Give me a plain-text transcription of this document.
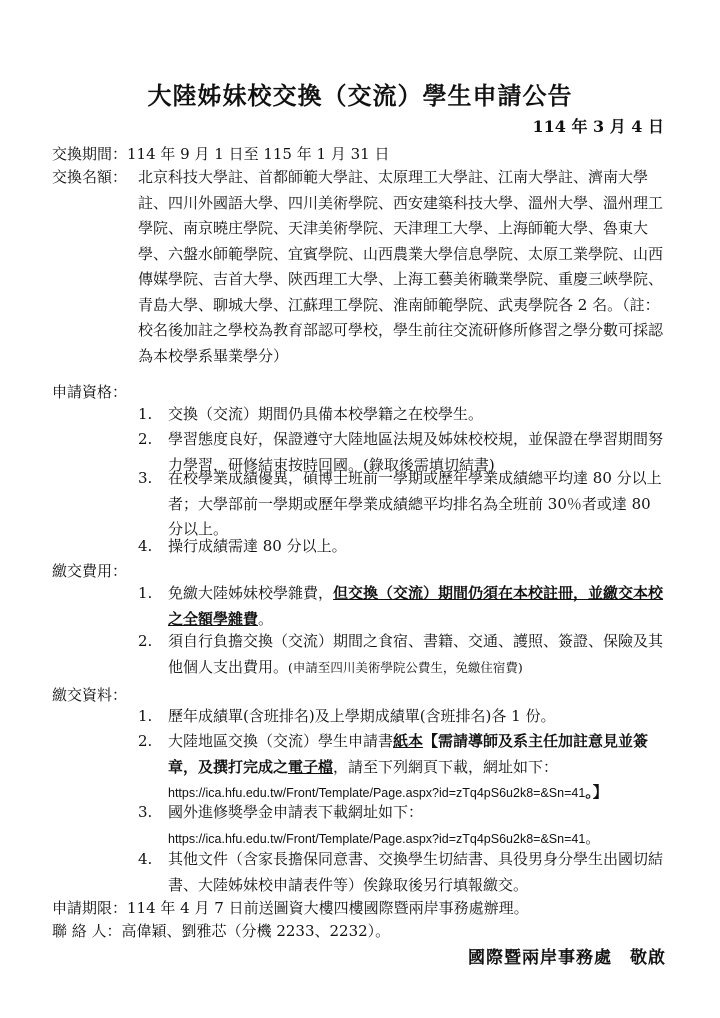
大陸姊妹校交換（交流）學生申請公告
114 年 3 月 4 日
交換期間：114 年 9 月 1 日至 115 年 1 月 31 日
交換名額： 北京科技大學註、首都師範大學註、太原理工大學註、江南大學註、濟南大學註、四川外國語大學、四川美術學院、西安建築科技大學、溫州大學、溫州理工學院、南京曉庄學院、天津美術學院、天津理工大學、上海師範大學、魯東大學、六盤水師範學院、宜賓學院、山西農業大學信息學院、太原工業學院、山西傳媒學院、吉首大學、陝西理工大學、上海工藝美術職業學院、重慶三峽學院、青島大學、聊城大學、江蘇理工學院、淮南師範學院、武夷學院各 2 名。（註：校名後加註之學校為教育部認可學校，學生前往交流研修所修習之學分數可採認為本校學系畢業學分）
申請資格：
1.	交換（交流）期間仍具備本校學籍之在校學生。
2.	學習態度良好，保證遵守大陸地區法規及姊妹校校規，並保證在學習期間努力學習，研修結束按時回國。(錄取後需填切結書)
3.	在校學業成績優異，碩博士班前一學期或歷年學業成績總平均達 80 分以上者；大學部前一學期或歷年學業成績總平均排名為全班前 30％者或達 80 分以上。
4.	操行成績需達 80 分以上。
繳交費用：
1.	免繳大陸姊妹校學雜費，但交換（交流）期間仍須在本校註冊，並繳交本校之全額學雜費。
2.	須自行負擔交換（交流）期間之食宿、書籍、交通、護照、簽證、保險及其他個人支出費用。(申請至四川美術學院公費生，免繳住宿費)
繳交資料：
1.	歷年成績單(含班排名)及上學期成績單(含班排名)各 1 份。
2.	大陸地區交換（交流）學生申請書紙本【需請導師及系主任加註意見並簽章，及撰打完成之電子檔，請至下列網頁下載，網址如下：
https://ica.hfu.edu.tw/Front/Template/Page.aspx?id=zTq4pS6u2k8=&Sn=41。】
3.	國外進修獎學金申請表下載網址如下：
https://ica.hfu.edu.tw/Front/Template/Page.aspx?id=zTq4pS6u2k8=&Sn=41。
4.	其他文件（含家長擔保同意書、交換學生切結書、具役男身分學生出國切結書、大陸姊妹校申請表件等）俟錄取後另行填報繳交。
申請期限：114 年 4 月 7 日前送圖資大樓四樓國際暨兩岸事務處辦理。
聯 絡 人：高偉穎、劉雅芯（分機 2233、2232）。
國際暨兩岸事務處　敬啟
